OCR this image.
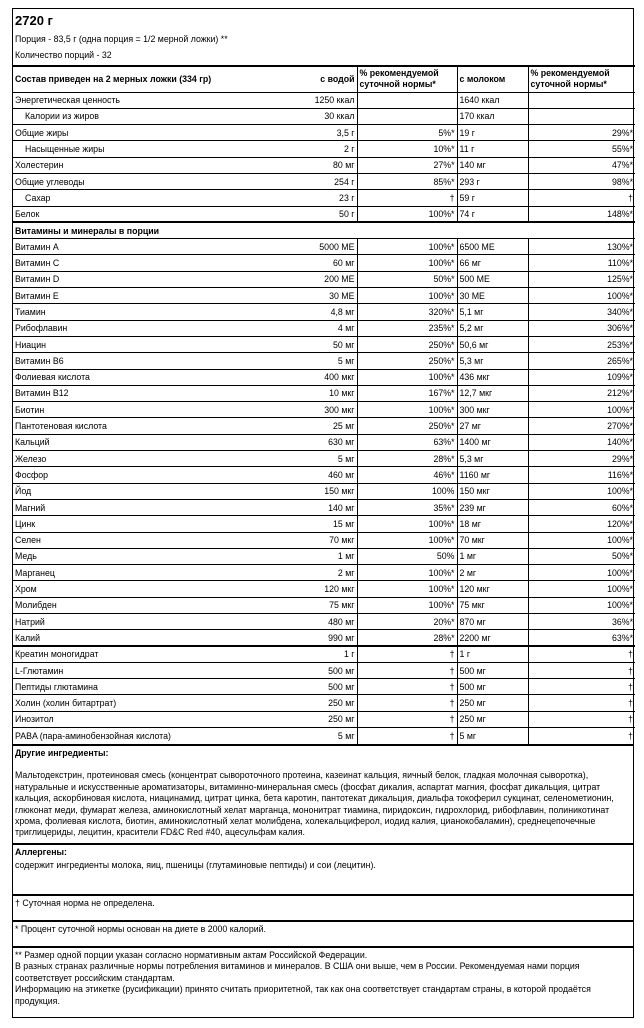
2720 г
Порция - 83,5 г (одна порция = 1/2 мерной ложки) **
Количество порций - 32
Состав приведен на 2 мерных ложки (334 гр)	с водой	% рекомендуемой суточной нормы*	с молоком	% рекомендуемой суточной нормы*
Энергетическая ценность	1250 ккал		1640 ккал	
Калории из жиров	30 ккал		170 ккал	
Общие жиры	3,5 г	5%*	19 г	29%*
Насыщенные жиры	2 г	10%*	11 г	55%*
Холестерин	80 мг	27%*	140 мг	47%*
Общие углеводы	254 г	85%*	293 г	98%*
Сахар	23 г	†	59 г	†
Белок	50 г	100%*	74 г	148%*
Витамины и минералы в порции				
Витамин А	5000 МЕ	100%*	6500 МЕ	130%*
Витамин С	60 мг	100%*	66 мг	110%*
Витамин D	200 МЕ	50%*	500 МЕ	125%*
Витамин Е	30 МЕ	100%*	30 МЕ	100%*
Тиамин	4,8 мг	320%*	5,1 мг	340%*
Рибофлавин	4 мг	235%*	5,2 мг	306%*
Ниацин	50 мг	250%*	50,6 мг	253%*
Витамин В6	5 мг	250%*	5,3 мг	265%*
Фолиевая кислота	400 мкг	100%*	436 мкг	109%*
Витамин В12	10 мкг	167%*	12,7 мкг	212%*
Биотин	300 мкг	100%*	300 мкг	100%*
Пантотеновая кислота	25 мг	250%*	27 мг	270%*
Кальций	630 мг	63%*	1400 мг	140%*
Железо	5 мг	28%*	5,3 мг	29%*
Фосфор	460 мг	46%*	1160 мг	116%*
Йод	150 мкг	100%	150 мкг	100%*
Магний	140 мг	35%*	239 мг	60%*
Цинк	15 мг	100%*	18 мг	120%*
Селен	70 мкг	100%*	70 мкг	100%*
Медь	1 мг	50%	1 мг	50%*
Марганец	2 мг	100%*	2 мг	100%*
Хром	120 мкг	100%*	120 мкг	100%*
Молибден	75 мкг	100%*	75 мкг	100%*
Натрий	480 мг	20%*	870 мг	36%*
Калий	990 мг	28%*	2200 мг	63%*
Креатин моногидрат	1 г	†	1 г	†
L-Глютамин	500 мг	†	500 мг	†
Пептиды глютамина	500 мг	†	500 мг	†
Холин (холин битартрат)	250 мг	†	250 мг	†
Инозитол	250 мг	†	250 мг	†
PABA (пара-аминобензойная кислота)	5 мг	†	5 мг	†
Другие ингредиенты:
Мальтодекстрин, протеиновая смесь (концентрат сывороточного протеина, казеинат кальция, яичный белок, гладкая молочная сыворотка), натуральные и искусственные ароматизаторы, витаминно-минеральная смесь (фосфат дикалия, аспартат магния, фосфат дикальция, цитрат кальция, аскорбиновая кислота, ниацинамид, цитрат цинка, бета каротин, пантотекат дикальция, диальфа токоферил сукцинат, селенометионин, глюконат меди, фумарат железа, аминокислотный хелат марганца, мононитрат тиамина, пиридоксин, гидрохлорид, рибофлавин, полиникотинат хрома, фолиевая кислота, биотин, аминокислотный хелат молибдена, холекальциферол, иодид калия, цианокобаламин), среднецепочечные триглицериды, лецитин, красители FD&C Red #40, ацесульфам калия.
Аллергены:
содержит ингредиенты молока, яиц, пшеницы (глутаминовые пептиды) и сои (лецитин).
† Суточная норма не определена.
* Процент суточной нормы основан на диете в 2000 калорий.
** Размер одной порции указан согласно нормативным актам Российской Федерации.
В разных странах различные нормы потребления витаминов и минералов. В США они выше, чем в России. Рекомендуемая нами порция соответствует российским стандартам.
Информацию на этикетке (русификации) принято считать приоритетной, так как она соответствует стандартам страны, в которой продаётся продукция.
